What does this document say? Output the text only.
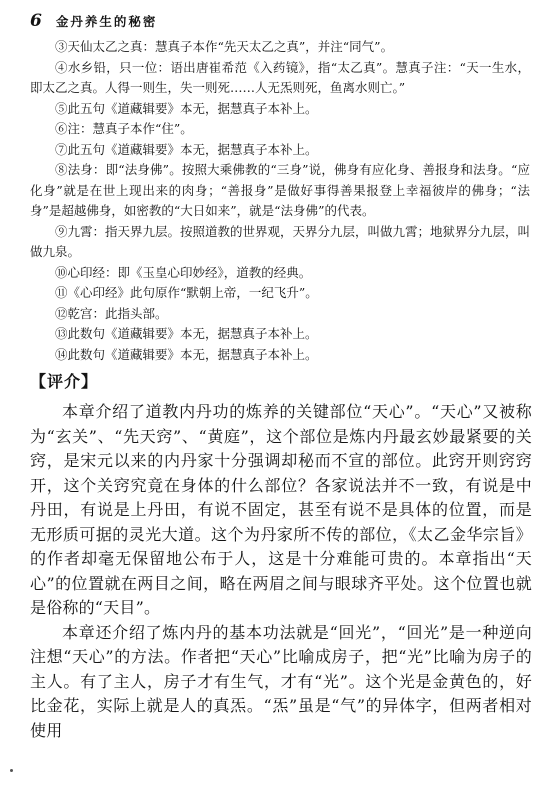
6 金丹养生的秘密

③天仙太乙之真：慧真子本作“先天太乙之真”，并注“同气”。

④水乡铅，只一位：语出唐崔希范《入药镜》，指“太乙真”。慧真子注：“天一生水，即太乙之真。人得一则生，失一则死……人无炁则死，鱼离水则亡。”

⑤此五句《道藏辑要》本无，据慧真子本补上。

⑥注：慧真子本作“住”。

⑦此五句《道藏辑要》本无，据慧真子本补上。

⑧法身：即“法身佛”。按照大乘佛教的“三身”说，佛身有应化身、善报身和法身。“应化身”就是在世上现出来的肉身；“善报身”是做好事得善果报登上幸福彼岸的佛身；“法身”是超越佛身，如密教的“大日如来”，就是“法身佛”的代表。

⑨九霄：指天界九层。按照道教的世界观，天界分九层，叫做九霄；地狱界分九层，叫做九泉。

⑩心印经：即《玉皇心印妙经》，道教的经典。

⑪《心印经》此句原作“默朝上帝，一纪飞升”。

⑫乾宫：此指头部。

⑬此数句《道藏辑要》本无，据慧真子本补上。

⑭此数句《道藏辑要》本无，据慧真子本补上。

【评介】

本章介绍了道教内丹功的炼养的关键部位“天心”。“天心”又被称为“玄关”、“先天窍”、“黄庭”，这个部位是炼内丹最玄妙最紧要的关窍，是宋元以来的内丹家十分强调却秘而不宣的部位。此窍开则窍窍开，这个关窍究竟在身体的什么部位？各家说法并不一致，有说是中丹田，有说是上丹田，有说不固定，甚至有说不是具体的位置，而是无形质可据的灵光大道。这个为丹家所不传的部位，《太乙金华宗旨》的作者却毫无保留地公布于人，这是十分难能可贵的。本章指出“天心”的位置就在两目之间，略在两眉之间与眼球齐平处。这个位置也就是俗称的“天目”。

本章还介绍了炼内丹的基本功法就是“回光”，“回光”是一种逆向注想“天心”的方法。作者把“天心”比喻成房子，把“光”比喻为房子的主人。有了主人，房子才有生气，才有“光”。这个光是金黄色的，好比金花，实际上就是人的真炁。“炁”虽是“气”的异体字，但两者相对使用
